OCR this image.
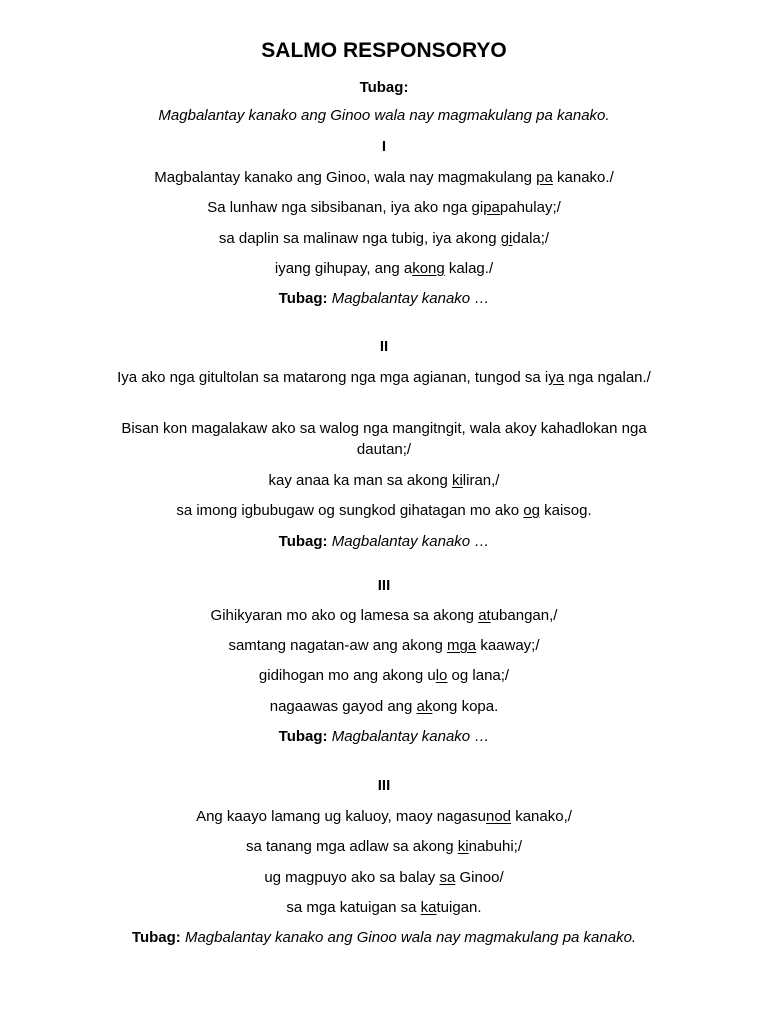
SALMO RESPONSORYO
Tubag:
Magbalantay kanako ang Ginoo wala nay magmakulang pa kanako.
I
Magbalantay kanako ang Ginoo, wala nay magmakulang pa kanako./
Sa lunhaw nga sibsibanan, iya ako nga gipapahulay;/
sa daplin sa malinaw nga tubig, iya akong gidala;/
iyang gihupay, ang akong kalag./
Tubag: Magbalantay kanako …
II
Iya ako nga gitultolan sa matarong nga mga agianan, tungod sa iya nga ngalan./
Bisan kon magalakaw ako sa walog nga mangitngit, wala akoy kahadlokan nga dautan;/
kay anaa ka man sa akong kiliran,/
sa imong igbubugaw og sungkod gihatagan mo ako og kaisog.
Tubag: Magbalantay kanako …
III
Gihikyaran mo ako og lamesa sa akong atubangan,/
samtang nagatan-aw ang akong mga kaaway;/
gidihogan mo ang akong ulo og lana;/
nagaawas gayod ang akong kopa.
Tubag: Magbalantay kanako …
III
Ang kaayo lamang ug kaluoy, maoy nagasunod kanako,/
sa tanang mga adlaw sa akong kinabuhi;/
ug magpuyo ako sa balay sa Ginoo/
sa mga katuigan sa katuigan.
Tubag: Magbalantay kanako ang Ginoo wala nay magmakulang pa kanako.
